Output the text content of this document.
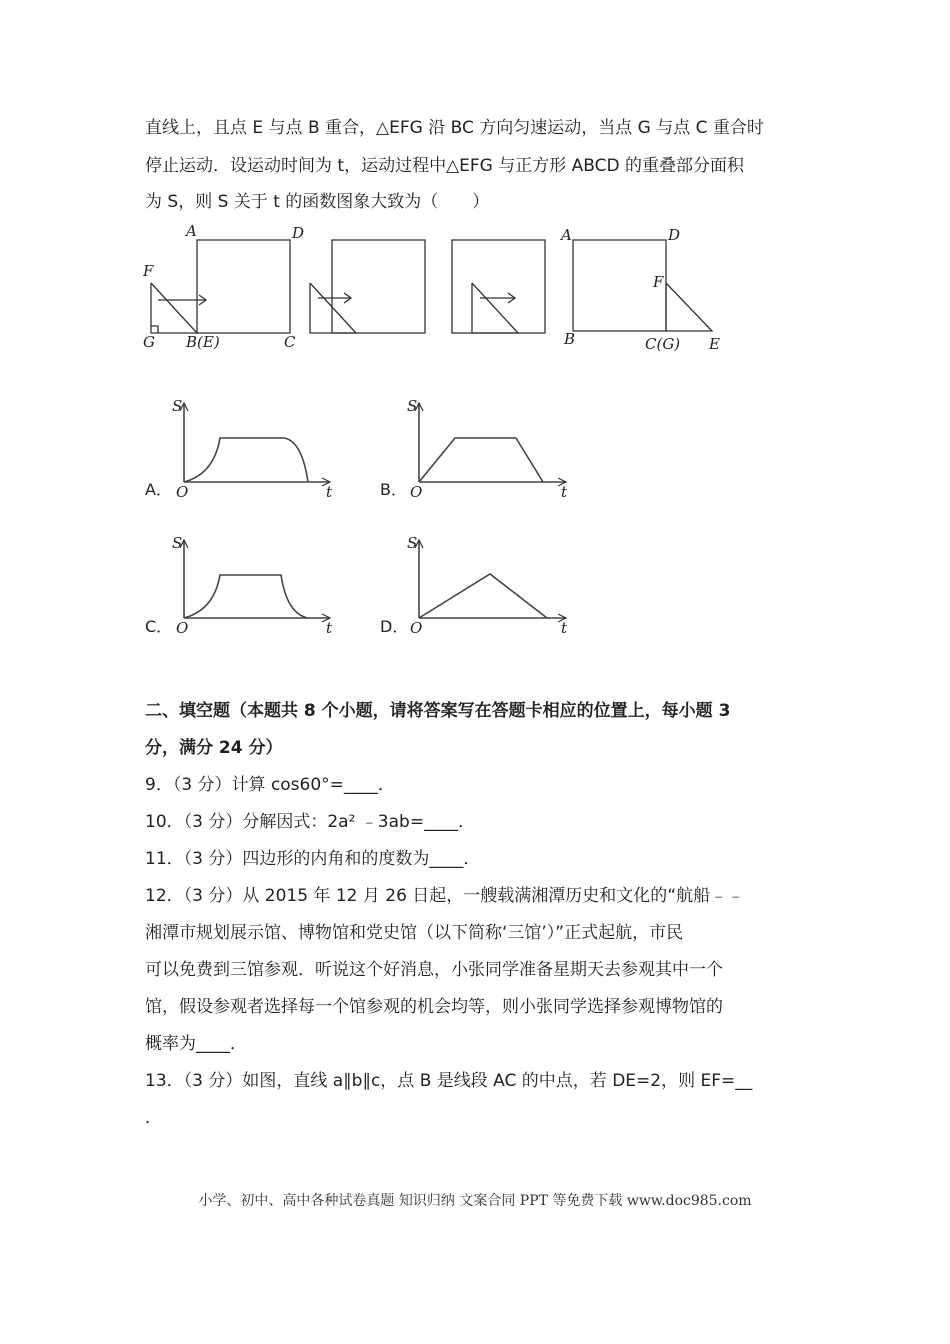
直线上，且点 E 与点 B 重合，△EFG 沿 BC 方向匀速运动，当点 G 与点 C 重合时
停止运动．设运动时间为 t，运动过程中△EFG 与正方形 ABCD 的重叠部分面积
为 S，则 S 关于 t 的函数图象大致为（　　）
A	D
F
G B(E)	C
A	D
F
B	C(G) E
S
O	t
S
O	t
S
O	t
S
O	t
A．	B．
C．	D．
二、填空题（本题共 8 个小题，请将答案写在答题卡相应的位置上，每小题 3
分，满分 24 分）
9．（3 分）计算 cos60°=____．
10．（3 分）分解因式：2a² ﹣3ab=____．
11．（3 分）四边形的内角和的度数为____．
12．（3 分）从 2015 年 12 月 26 日起，一艘载满湘潭历史和文化的“航船﹣﹣
湘潭市规划展示馆、博物馆和党史馆（以下简称‘三馆’）”正式起航，市民
可以免费到三馆参观．听说这个好消息，小张同学准备星期天去参观其中一个
馆，假设参观者选择每一个馆参观的机会均等，则小张同学选择参观博物馆的
概率为____．
13．（3 分）如图，直线 a∥b∥c，点 B 是线段 AC 的中点，若 DE=2，则 EF=__
．
小学、初中、高中各种试卷真题 知识归纳 文案合同 PPT 等免费下载 www.doc985.com
